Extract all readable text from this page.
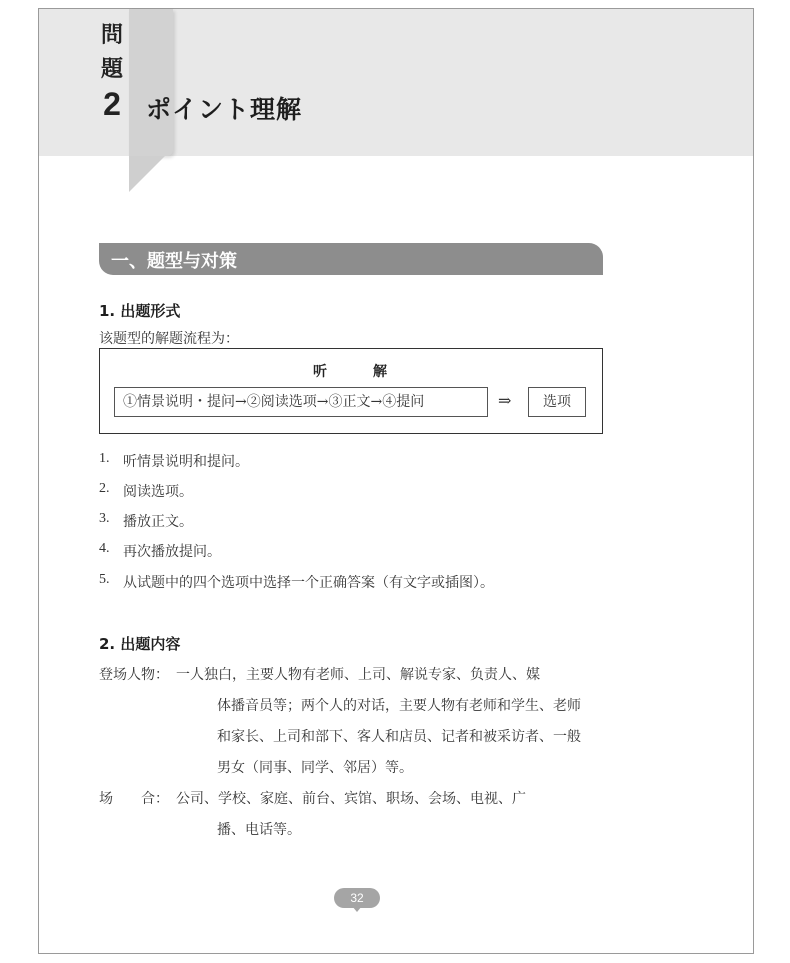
問
題
2 ポイント理解
一、题型与对策
1. 出题形式
该题型的解题流程为：
听	解
①情景说明・提问→②阅读选项→③正文→④提问	⇒	选项
1. 听情景说明和提问。
2. 阅读选项。
3. 播放正文。
4. 再次播放提问。
5. 从试题中的四个选项中选择一个正确答案（有文字或插图）。
2. 出题内容
登场人物： 一人独白，主要人物有老师、上司、解说专家、负责人、媒
体播音员等；两个人的对话，主要人物有老师和学生、老师
和家长、上司和部下、客人和店员、记者和被采访者、一般
男女（同事、同学、邻居）等。
场　　合： 公司、学校、家庭、前台、宾馆、职场、会场、电视、广
播、电话等。
32
